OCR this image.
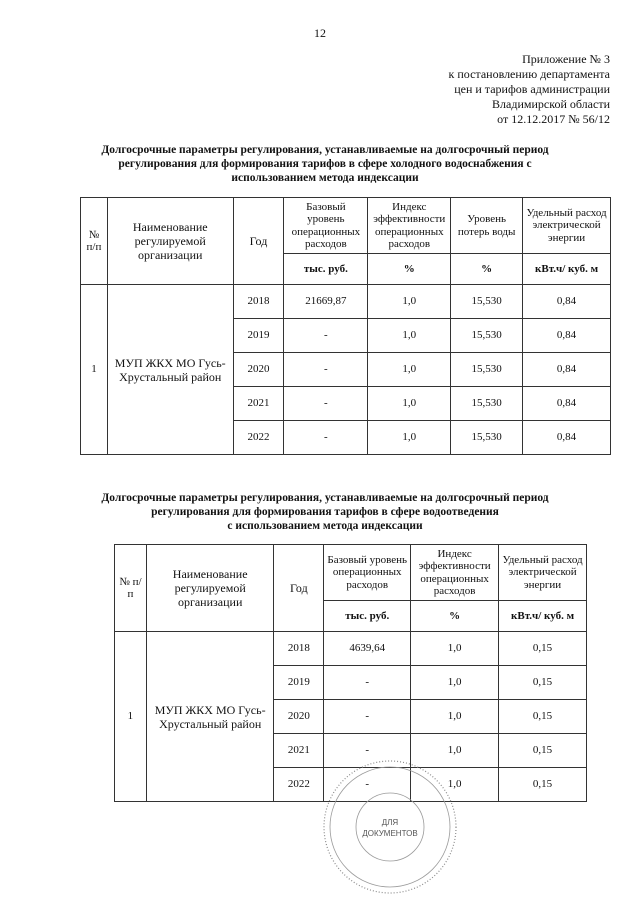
12
Приложение № 3
к постановлению департамента
цен и тарифов администрации
Владимирской области
от 12.12.2017 № 56/12
Долгосрочные параметры регулирования, устанавливаемые на долгосрочный период
регулирования для формирования тарифов в сфере холодного водоснабжения с
использованием метода индексации
№ п/п	Наименование регулируемой организации	Год	Базовый уровень операционных расходов	Индекс эффективности операционных расходов	Уровень потерь воды	Удельный расход электрической энергии
			тыс. руб.	%	%	кВт.ч/ куб. м
1	МУП ЖКХ МО Гусь-Хрустальный район	2018	21669,87	1,0	15,530	0,84
		2019	-	1,0	15,530	0,84
		2020	-	1,0	15,530	0,84
		2021	-	1,0	15,530	0,84
		2022	-	1,0	15,530	0,84
Долгосрочные параметры регулирования, устанавливаемые на долгосрочный период
регулирования для формирования тарифов в сфере водоотведения
с использованием метода индексации
№ п/п	Наименование регулируемой организации	Год	Базовый уровень операционных расходов	Индекс эффективности операционных расходов	Удельный расход электрической энергии
			тыс. руб.	%	кВт.ч/ куб. м
1	МУП ЖКХ МО Гусь-Хрустальный район	2018	4639,64	1,0	0,15
		2019	-	1,0	0,15
		2020	-	1,0	0,15
		2021	-	1,0	0,15
		2022	-	1,0	0,15
ДЛЯ
ДОКУМЕНТОВ
